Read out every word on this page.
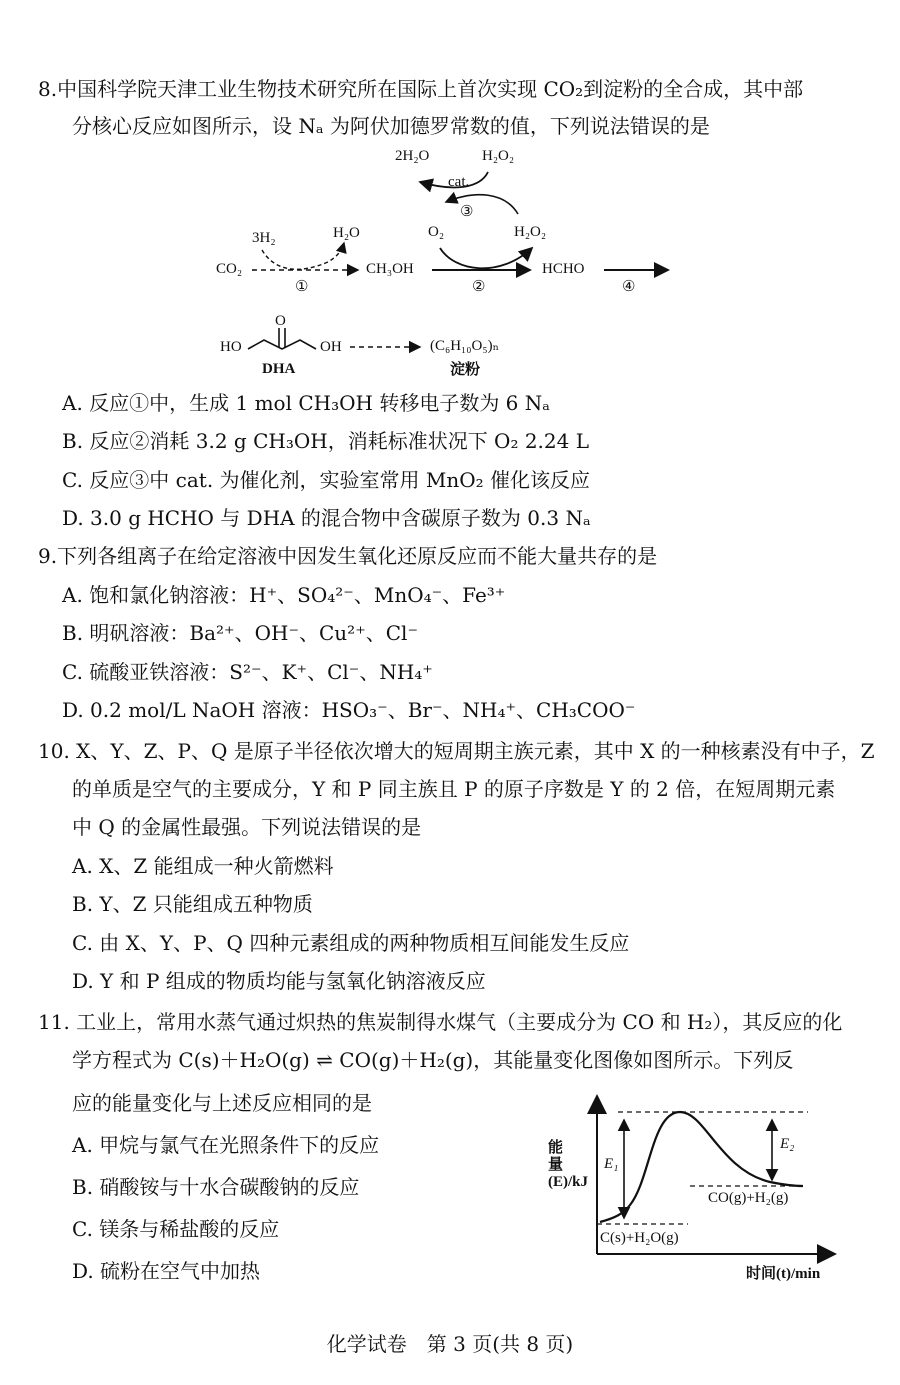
8.中国科学院天津工业生物技术研究所在国际上首次实现 CO₂到淀粉的全合成，其中部
分核心反应如图所示，设 Nₐ 为阿伏加德罗常数的值，下列说法错误的是
2H₂O	H₂O₂
cat.
③
3H₂	H₂O	O₂	H₂O₂
CO₂	CH₃OH	HCHO
①	②	④
O
HO	OH
DHA
(C₆H₁₀O₅)ₙ
淀粉
A. 反应①中，生成 1 mol CH₃OH 转移电子数为 6 Nₐ
B. 反应②消耗 3.2 g CH₃OH，消耗标准状况下 O₂ 2.24 L
C. 反应③中 cat. 为催化剂，实验室常用 MnO₂ 催化该反应
D. 3.0 g HCHO 与 DHA 的混合物中含碳原子数为 0.3 Nₐ
9.下列各组离子在给定溶液中因发生氧化还原反应而不能大量共存的是
A. 饱和氯化钠溶液：H⁺、SO₄²⁻、MnO₄⁻、Fe³⁺
B. 明矾溶液：Ba²⁺、OH⁻、Cu²⁺、Cl⁻
C. 硫酸亚铁溶液：S²⁻、K⁺、Cl⁻、NH₄⁺
D. 0.2 mol/L NaOH 溶液：HSO₃⁻、Br⁻、NH₄⁺、CH₃COO⁻
10. X、Y、Z、P、Q 是原子半径依次增大的短周期主族元素，其中 X 的一种核素没有中子，Z
的单质是空气的主要成分，Y 和 P 同主族且 P 的原子序数是 Y 的 2 倍，在短周期元素
中 Q 的金属性最强。下列说法错误的是
A. X、Z 能组成一种火箭燃料
B. Y、Z 只能组成五种物质
C. 由 X、Y、P、Q 四种元素组成的两种物质相互间能发生反应
D. Y 和 P 组成的物质均能与氢氧化钠溶液反应
11. 工业上，常用水蒸气通过炽热的焦炭制得水煤气（主要成分为 CO 和 H₂），其反应的化
学方程式为 C(s)＋H₂O(g) ⇌ CO(g)＋H₂(g)，其能量变化图像如图所示。下列反
应的能量变化与上述反应相同的是
A. 甲烷与氯气在光照条件下的反应
B. 硝酸铵与十水合碳酸钠的反应
C. 镁条与稀盐酸的反应
D. 硫粉在空气中加热
能量(E)/kJ
时间(t)/min
E₁
E₂
C(s)+H₂O(g)
CO(g)+H₂(g)
化学试卷　第 3 页(共 8 页)
